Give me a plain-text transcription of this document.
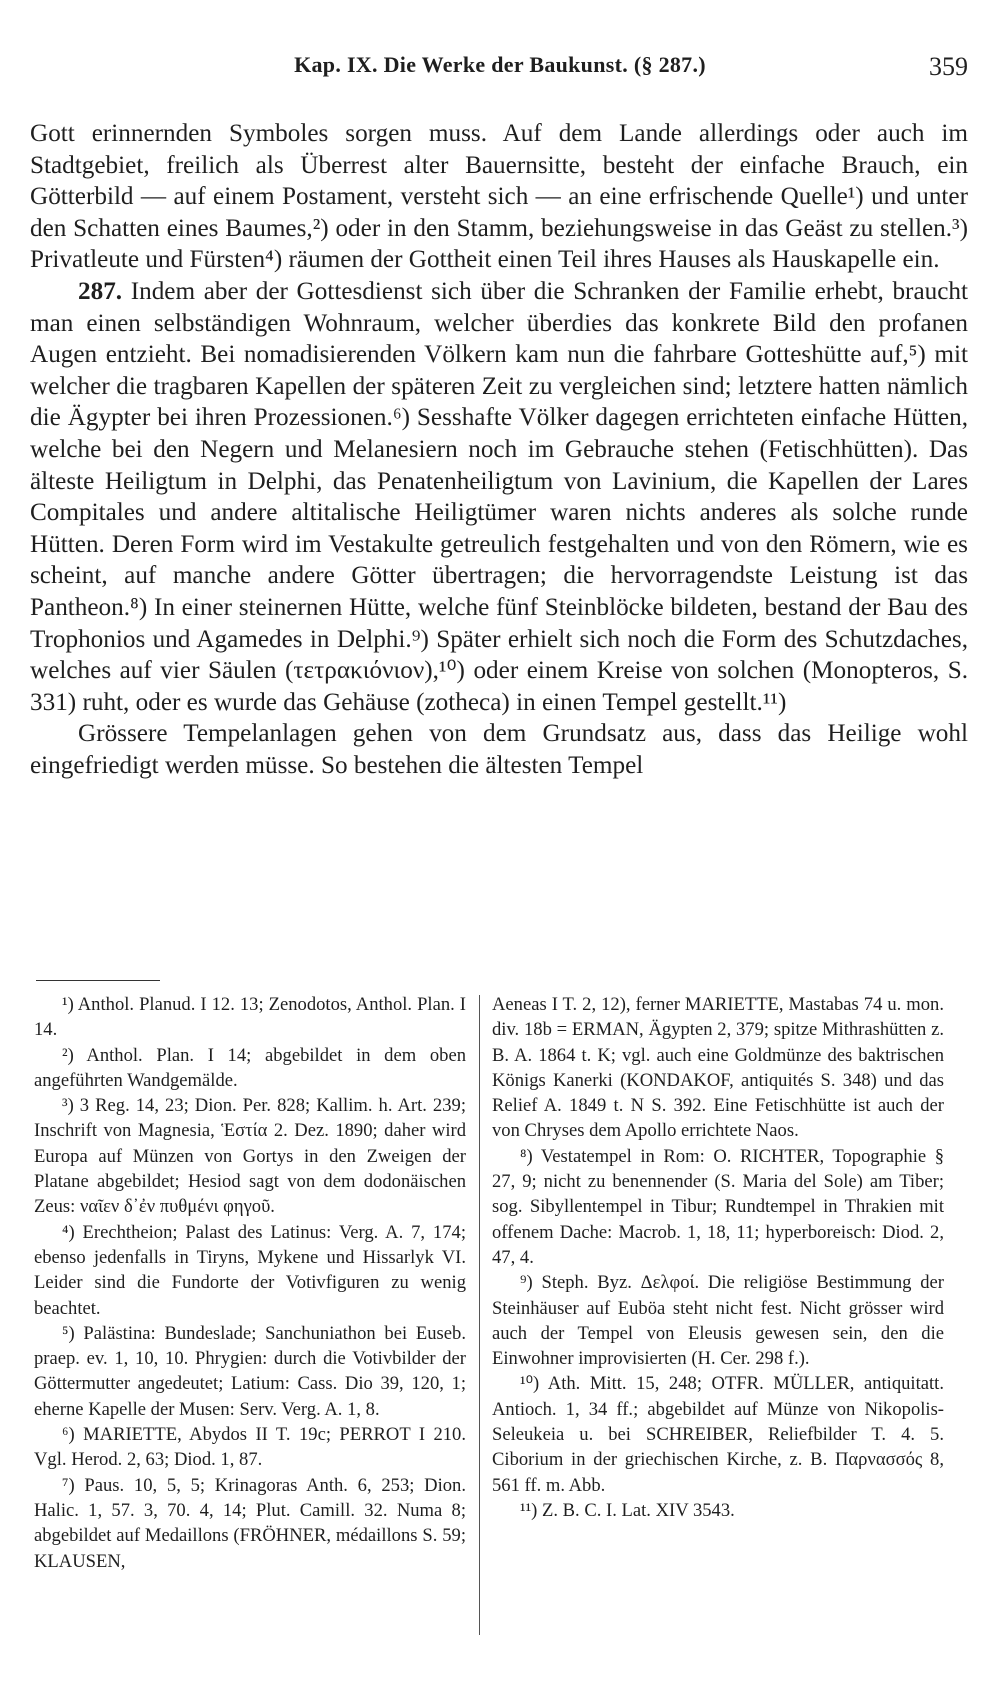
Kap. IX. Die Werke der Baukunst. (§ 287.)	359

Gott erinnernden Symboles sorgen muss. Auf dem Lande allerdings oder auch im Stadtgebiet, freilich als Überrest alter Bauernsitte, besteht der einfache Brauch, ein Götterbild — auf einem Postament, versteht sich — an eine erfrischende Quelle¹) und unter den Schatten eines Baumes,²) oder in den Stamm, beziehungsweise in das Geäst zu stellen.³) Privatleute und Fürsten⁴) räumen der Gottheit einen Teil ihres Hauses als Hauskapelle ein.

287. Indem aber der Gottesdienst sich über die Schranken der Familie erhebt, braucht man einen selbständigen Wohnraum, welcher überdies das konkrete Bild den profanen Augen entzieht. Bei nomadisierenden Völkern kam nun die fahrbare Gotteshütte auf,⁵) mit welcher die tragbaren Kapellen der späteren Zeit zu vergleichen sind; letztere hatten nämlich die Ägypter bei ihren Prozessionen.⁶) Sesshafte Völker dagegen errichteten einfache Hütten, welche bei den Negern und Melanesiern noch im Gebrauche stehen (Fetischhütten). Das älteste Heiligtum in Delphi, das Penatenheiligtum von Lavinium, die Kapellen der Lares Compitales und andere altitalische Heiligtümer waren nichts anderes als solche runde Hütten. Deren Form wird im Vestakulte getreulich festgehalten und von den Römern, wie es scheint, auf manche andere Götter übertragen; die hervorragendste Leistung ist das Pantheon.⁸) In einer steinernen Hütte, welche fünf Steinblöcke bildeten, bestand der Bau des Trophonios und Agamedes in Delphi.⁹) Später erhielt sich noch die Form des Schutzdaches, welches auf vier Säulen (τετρακιόνιον),¹⁰) oder einem Kreise von solchen (Monopteros, S. 331) ruht, oder es wurde das Gehäuse (zotheca) in einen Tempel gestellt.¹¹)

Grössere Tempelanlagen gehen von dem Grundsatz aus, dass das Heilige wohl eingefriedigt werden müsse. So bestehen die ältesten Tempel

¹) Anthol. Planud. I 12. 13; Zenodotos, Anthol. Plan. I 14.

²) Anthol. Plan. I 14; abgebildet in dem oben angeführten Wandgemälde.

³) 3 Reg. 14, 23; Dion. Per. 828; Kallim. h. Art. 239; Inschrift von Magnesia, Ἑστία 2. Dez. 1890; daher wird Europa auf Münzen von Gortys in den Zweigen der Platane abgebildet; Hesiod sagt von dem dodonäischen Zeus: ναῖεν δ᾽ἐν πυθμένι φηγοῦ.

⁴) Erechtheion; Palast des Latinus: Verg. A. 7, 174; ebenso jedenfalls in Tiryns, Mykene und Hissarlyk VI. Leider sind die Fundorte der Votivfiguren zu wenig beachtet.

⁵) Palästina: Bundeslade; Sanchuniathon bei Euseb. praep. ev. 1, 10, 10. Phrygien: durch die Votivbilder der Göttermutter angedeutet; Latium: Cass. Dio 39, 120, 1; eherne Kapelle der Musen: Serv. Verg. A. 1, 8.

⁶) MARIETTE, Abydos II T. 19c; PERROT I 210. Vgl. Herod. 2, 63; Diod. 1, 87.

⁷) Paus. 10, 5, 5; Krinagoras Anth. 6, 253; Dion. Halic. 1, 57. 3, 70. 4, 14; Plut. Camill. 32. Numa 8; abgebildet auf Medaillons (FRÖHNER, médaillons S. 59; KLAUSEN,

Aeneas I T. 2, 12), ferner MARIETTE, Mastabas 74 u. mon. div. 18b = ERMAN, Ägypten 2, 379; spitze Mithrashütten z. B. A. 1864 t. K; vgl. auch eine Goldmünze des baktrischen Königs Kanerki (KONDAKOF, antiquités S. 348) und das Relief A. 1849 t. N S. 392. Eine Fetischhütte ist auch der von Chryses dem Apollo errichtete Naos.

⁸) Vestatempel in Rom: O. RICHTER, Topographie § 27, 9; nicht zu benennender (S. Maria del Sole) am Tiber; sog. Sibyllentempel in Tibur; Rundtempel in Thrakien mit offenem Dache: Macrob. 1, 18, 11; hyperboreisch: Diod. 2, 47, 4.

⁹) Steph. Byz. Δελφοί. Die religiöse Bestimmung der Steinhäuser auf Euböa steht nicht fest. Nicht grösser wird auch der Tempel von Eleusis gewesen sein, den die Einwohner improvisierten (H. Cer. 298 f.).

¹⁰) Ath. Mitt. 15, 248; OTFR. MÜLLER, antiquitatt. Antioch. 1, 34 ff.; abgebildet auf Münze von Nikopolis-Seleukeia u. bei SCHREIBER, Reliefbilder T. 4. 5. Ciborium in der griechischen Kirche, z. B. Παρνασσός 8, 561 ff. m. Abb.

¹¹) Z. B. C. I. Lat. XIV 3543.
